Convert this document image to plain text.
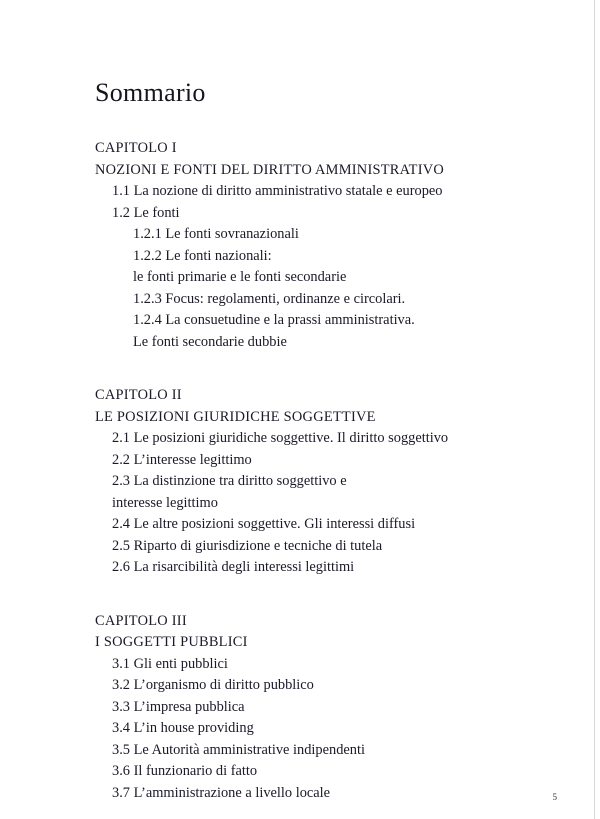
Sommario
CAPITOLO I
NOZIONI E FONTI DEL DIRITTO AMMINISTRATIVO
1.1 La nozione di diritto amministrativo statale e europeo
1.2 Le fonti
1.2.1 Le fonti sovranazionali
1.2.2 Le fonti nazionali:
le fonti primarie e le fonti secondarie
1.2.3 Focus: regolamenti, ordinanze e circolari.
1.2.4 La consuetudine e la prassi amministrativa.
Le fonti secondarie dubbie
CAPITOLO II
LE POSIZIONI GIURIDICHE SOGGETTIVE
2.1 Le posizioni giuridiche soggettive. Il diritto soggettivo
2.2 L’interesse legittimo
2.3 La distinzione tra diritto soggettivo e
interesse legittimo
2.4 Le altre posizioni soggettive. Gli interessi diffusi
2.5 Riparto di giurisdizione e tecniche di tutela
2.6 La risarcibilità degli interessi legittimi
CAPITOLO III
I SOGGETTI PUBBLICI
3.1 Gli enti pubblici
3.2 L’organismo di diritto pubblico
3.3 L’impresa pubblica
3.4 L’in house providing
3.5 Le Autorità amministrative indipendenti
3.6 Il funzionario di fatto
3.7 L’amministrazione a livello locale	5
